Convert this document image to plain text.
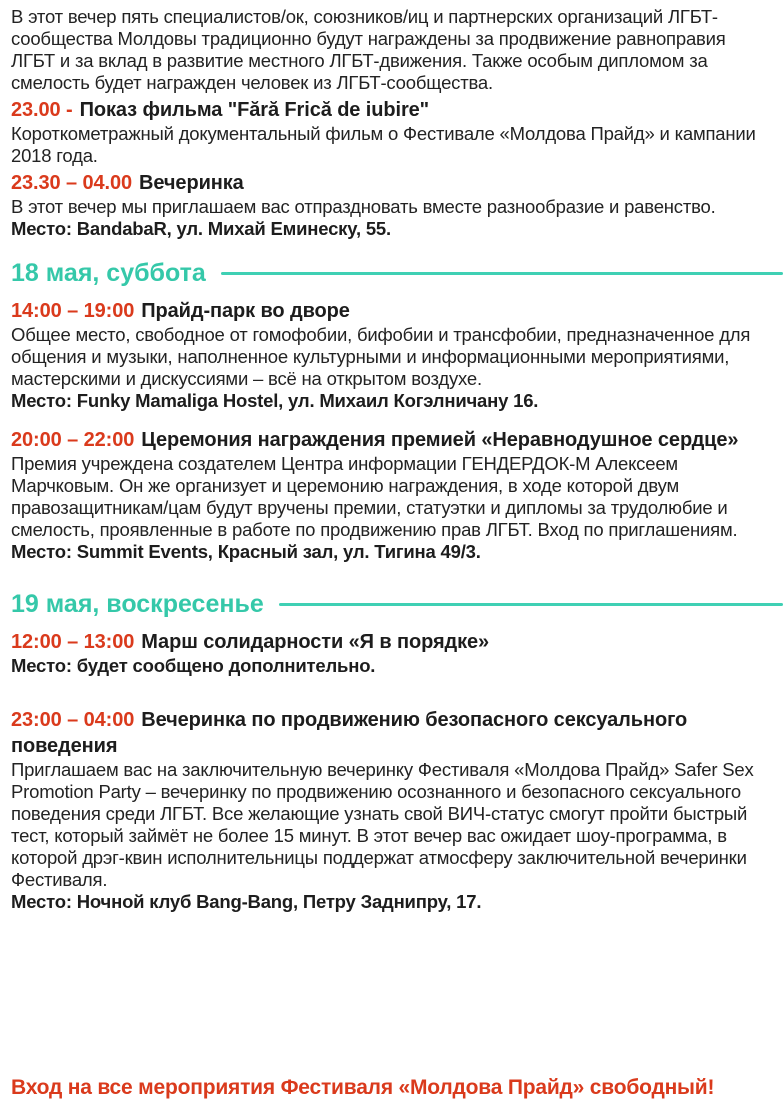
В этот вечер пять специалистов/ок, союзников/иц и партнерских организаций ЛГБТ-сообщества Молдовы традиционно будут награждены за продвижение равноправия ЛГБТ и за вклад в развитие местного ЛГБТ-движения. Также особым дипломом за смелость будет награжден человек из ЛГБТ-сообщества.

23.00 - Показ фильма "Fără Frică de iubire"

Короткометражный документальный фильм о Фестивале «Молдова Прайд» и кампании 2018 года.

23.30 – 04.00 Вечеринка

В этот вечер мы приглашаем вас отпраздновать вместе разнообразие и равенство.

Место: BandabaR, ул. Михай Еминеску, 55.

18 мая, суббота

14:00 – 19:00 Прайд-парк во дворе

Общее место, свободное от гомофобии, бифобии и трансфобии, предназначенное для общения и музыки, наполненное культурными и информационными мероприятиями, мастерскими и дискуссиями – всё на открытом воздухе.

Место: Funky Mamaliga Hostel, ул. Михаил Когэлничану 16.

20:00 – 22:00 Церемония награждения премией «Неравнодушное сердце»

Премия учреждена создателем Центра информации ГЕНДЕРДОК-М Алексеем Марчковым. Он же организует и церемонию награждения, в ходе которой двум правозащитникам/цам будут вручены премии, статуэтки и дипломы за трудолюбие и смелость, проявленные в работе по продвижению прав ЛГБТ. Вход по приглашениям.

Место: Summit Events, Красный зал, ул. Тигина 49/3.

19 мая, воскресенье

12:00 – 13:00 Марш солидарности «Я в порядке»

Место: будет сообщено дополнительно.

23:00 – 04:00 Вечеринка по продвижению безопасного сексуального поведения

Приглашаем вас на заключительную вечеринку Фестиваля «Молдова Прайд» Safer Sex Promotion Party – вечеринку по продвижению осознанного и безопасного сексуального поведения среди ЛГБТ. Все желающие узнать свой ВИЧ-статус смогут пройти быстрый тест, который займёт не более 15 минут. В этот вечер вас ожидает шоу-программа, в которой дрэг-квин исполнительницы поддержат атмосферу заключительной вечеринки Фестиваля.

Место: Ночной клуб Bang-Bang, Петру Заднипру, 17.

Вход на все мероприятия Фестиваля «Молдова Прайд» свободный!
